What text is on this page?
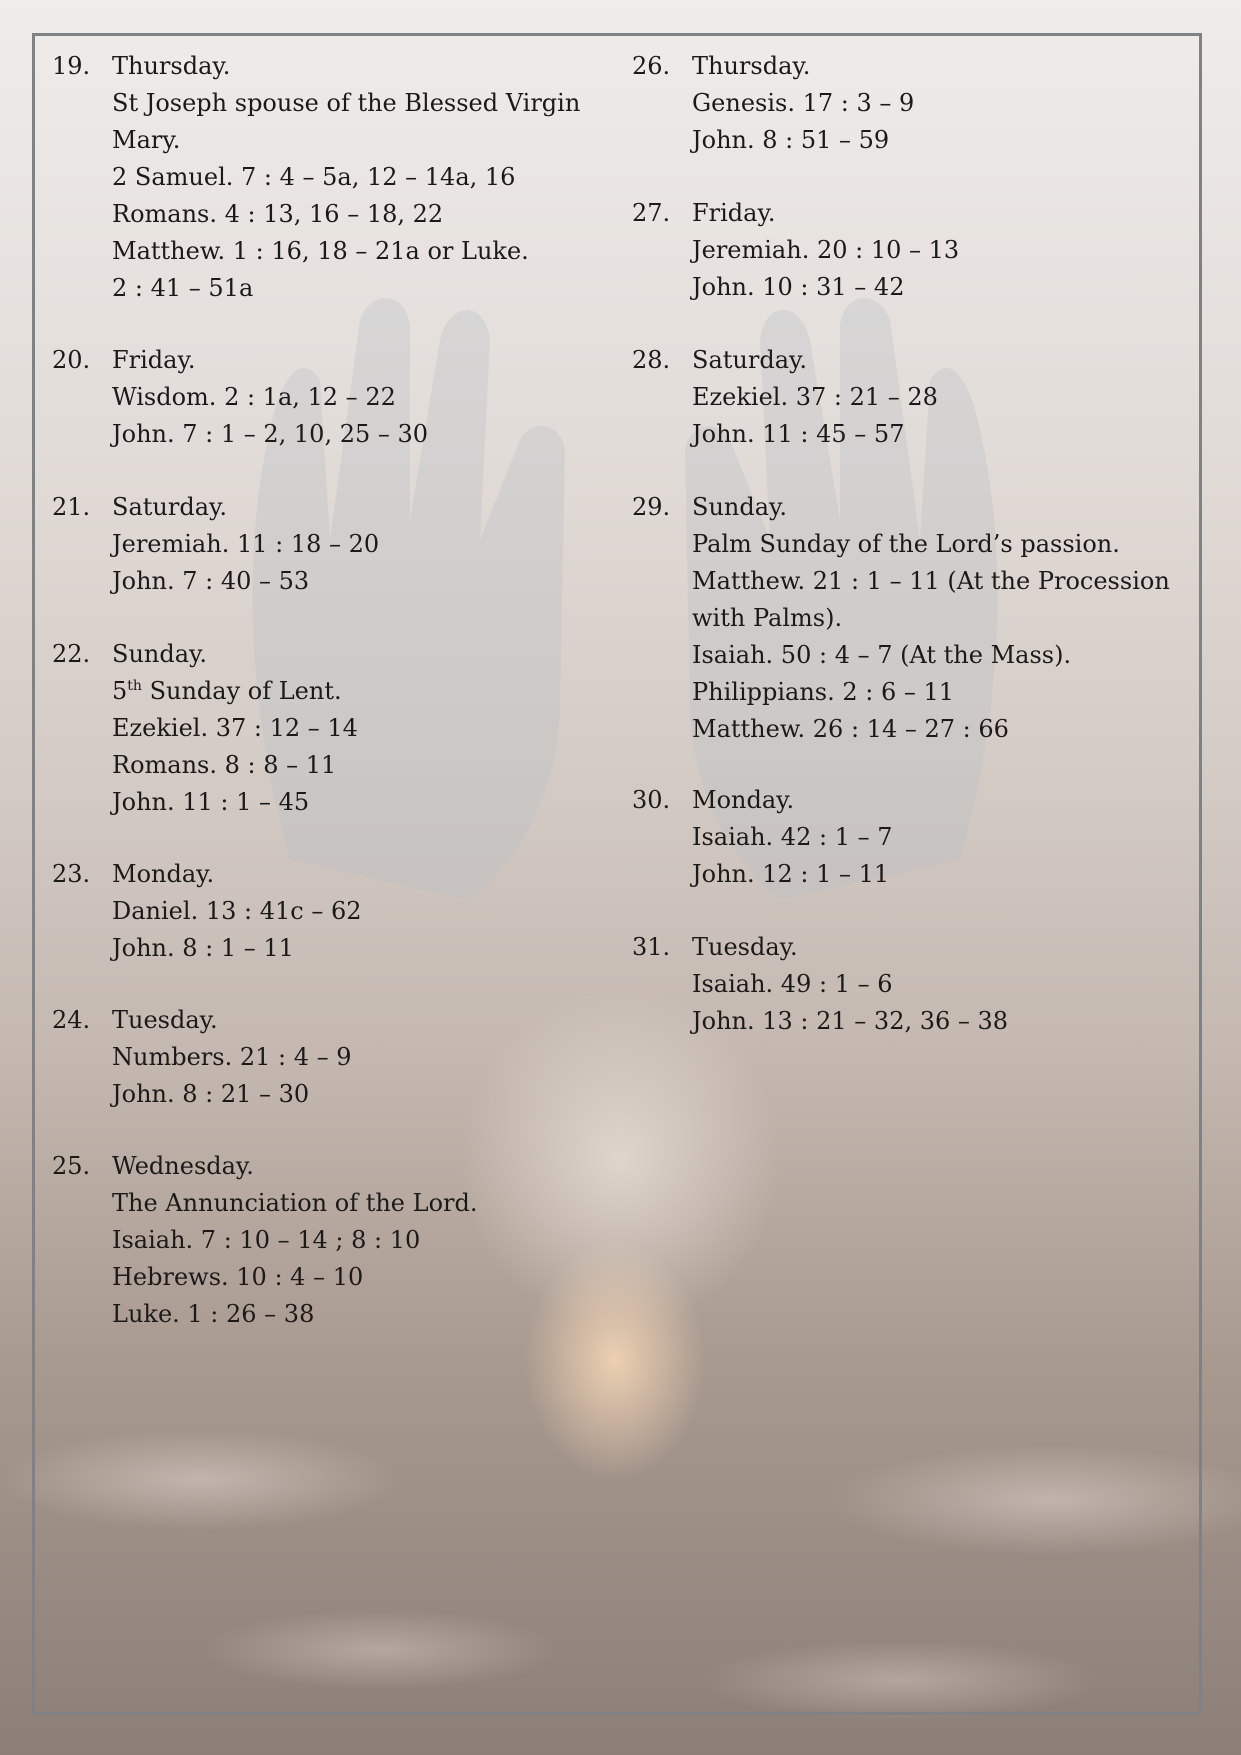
19. Thursday.
St Joseph spouse of the Blessed Virgin Mary.
2 Samuel. 7 : 4 – 5a, 12 – 14a, 16
Romans. 4 : 13, 16 – 18, 22
Matthew. 1 : 16, 18 – 21a or Luke.
2 : 41 – 51a
20. Friday.
Wisdom. 2 : 1a, 12 – 22
John. 7 : 1 – 2, 10, 25 – 30
21. Saturday.
Jeremiah. 11 : 18 – 20
John. 7 : 40 – 53
22. Sunday.
5th Sunday of Lent.
Ezekiel. 37 : 12 – 14
Romans. 8 : 8 – 11
John. 11 : 1 – 45
23. Monday.
Daniel. 13 : 41c – 62
John. 8 : 1 – 11
24. Tuesday.
Numbers. 21 : 4 – 9
John. 8 : 21 – 30
25. Wednesday.
The Annunciation of the Lord.
Isaiah. 7 : 10 – 14 ; 8 : 10
Hebrews. 10 : 4 – 10
Luke. 1 : 26 – 38
26. Thursday.
Genesis. 17 : 3 – 9
John. 8 : 51 – 59
27. Friday.
Jeremiah. 20 : 10 – 13
John. 10 : 31 – 42
28. Saturday.
Ezekiel. 37 : 21 – 28
John. 11 : 45 – 57
29. Sunday.
Palm Sunday of the Lord’s passion.
Matthew. 21 : 1 – 11 (At the Procession with Palms).
Isaiah. 50 : 4 – 7 (At the Mass).
Philippians. 2 : 6 – 11
Matthew. 26 : 14 – 27 : 66
30. Monday.
Isaiah. 42 : 1 – 7
John. 12 : 1 – 11
31. Tuesday.
Isaiah. 49 : 1 – 6
John. 13 : 21 – 32, 36 – 38
